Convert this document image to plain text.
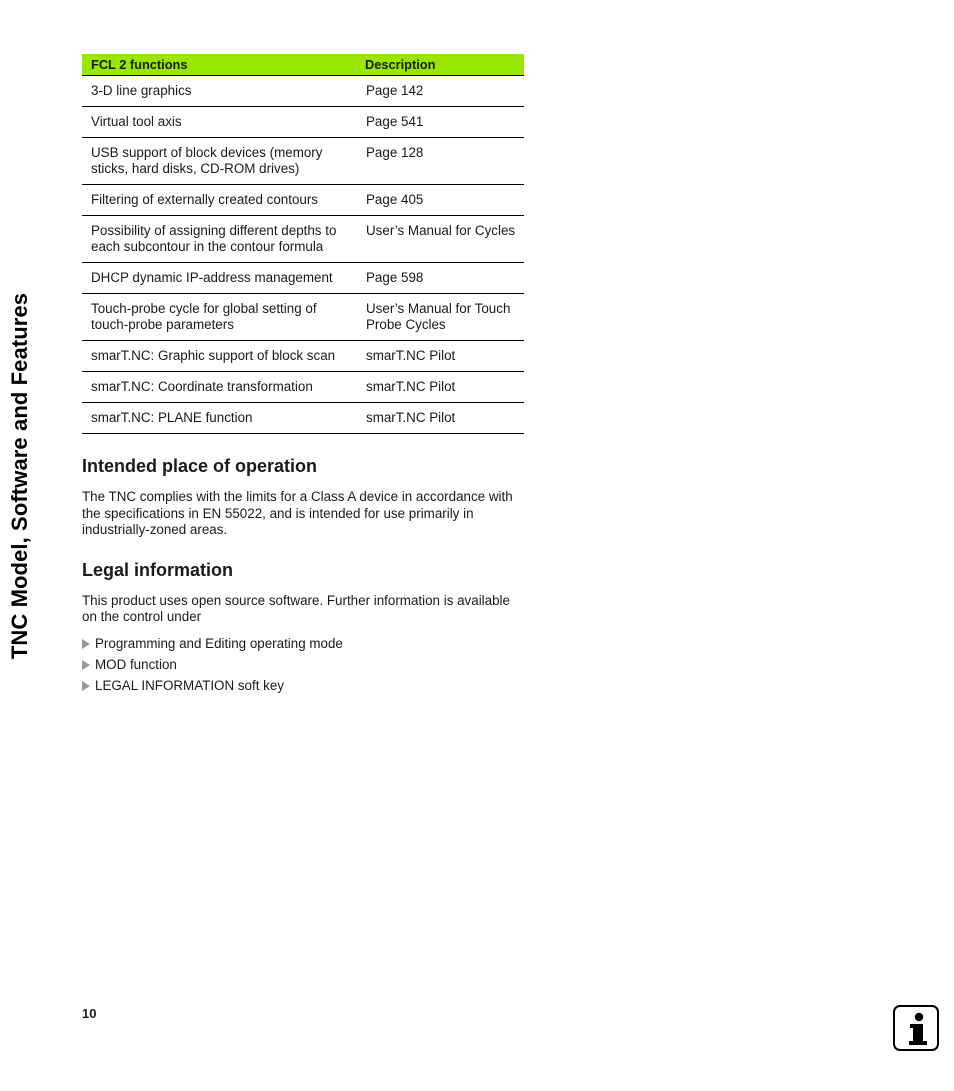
TNC Model, Software and Features
FCL 2 functions	Description
3-D line graphics	Page 142
Virtual tool axis	Page 541
USB support of block devices (memory sticks, hard disks, CD-ROM drives)	Page 128
Filtering of externally created contours	Page 405
Possibility of assigning different depths to each subcontour in the contour formula	User’s Manual for Cycles
DHCP dynamic IP-address management	Page 598
Touch-probe cycle for global setting of touch-probe parameters	User’s Manual for Touch Probe Cycles
smarT.NC: Graphic support of block scan	smarT.NC Pilot
smarT.NC: Coordinate transformation	smarT.NC Pilot
smarT.NC: PLANE function	smarT.NC Pilot
Intended place of operation

The TNC complies with the limits for a Class A device in accordance with the specifications in EN 55022, and is intended for use primarily in industrially-zoned areas.

Legal information

This product uses open source software. Further information is available on the control under

Programming and Editing operating mode
MOD function
LEGAL INFORMATION soft key
10
